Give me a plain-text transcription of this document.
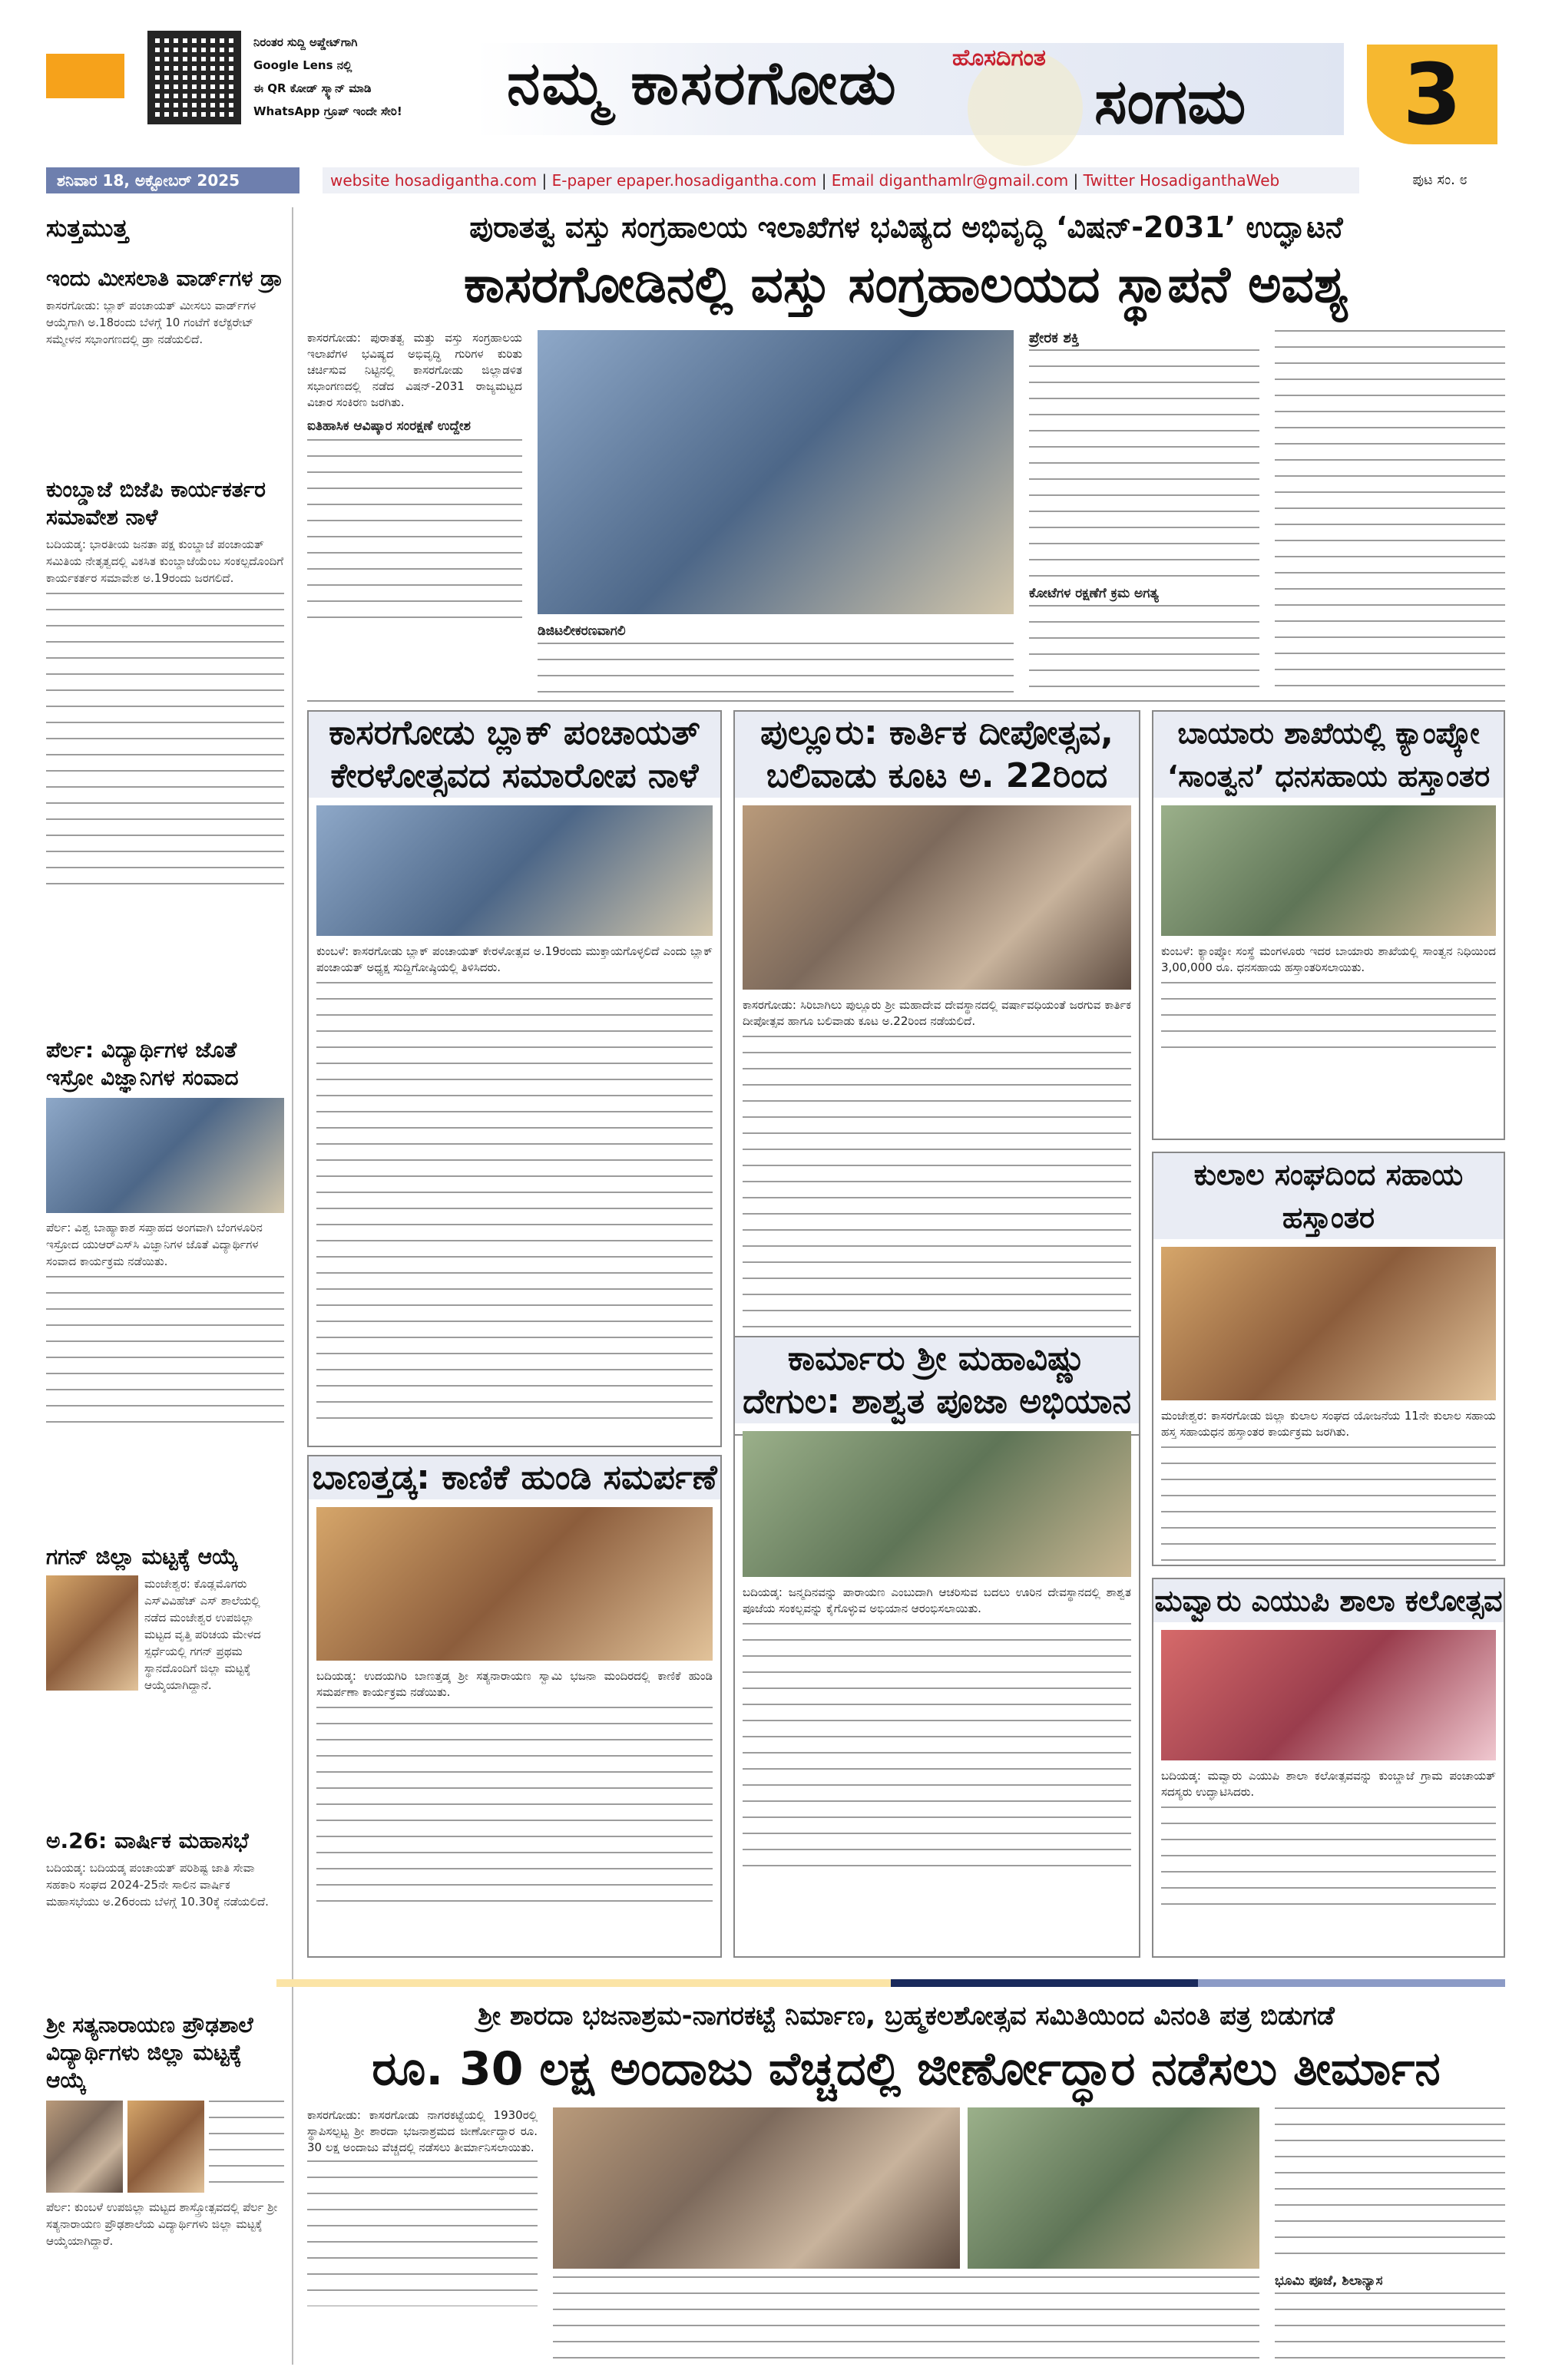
ನಿರಂತರ ಸುದ್ದಿ ಅಪ್ಡೇಟ್‌ಗಾಗಿ
Google Lens ನಲ್ಲಿ
ಈ QR ಕೋಡ್ ಸ್ಕ್ಯಾನ್ ಮಾಡಿ
WhatsApp ಗ್ರೂಪ್ ಇಂದೇ ಸೇರಿ!	ನಮ್ಮ ಕಾಸರಗೋಡು ಹೊಸದಿಗಂತ
ಸಂಗಮ	3
ಶನಿವಾರ 18, ಅಕ್ಟೋಬರ್ 2025	website hosadigantha.com | E-paper epaper.hosadigantha.com | Email diganthamlr@gmail.com | Twitter HosadiganthaWeb	ಪುಟ ಸಂ. ೮
ಸುತ್ತಮುತ್ತ
ಇಂದು ಮೀಸಲಾತಿ ವಾರ್ಡ್‌ಗಳ ಡ್ರಾ
ಕಾಸರಗೋಡು: ಬ್ಲಾಕ್ ಪಂಚಾಯತ್ ಮೀಸಲು ವಾರ್ಡ್‌ಗಳ ಆಯ್ಕೆಗಾಗಿ ಅ.18ರಂದು ಬೆಳಗ್ಗೆ 10 ಗಂಟೆಗೆ ಕಲೆಕ್ಟರೇಟ್ ಸಮ್ಮೇಳನ ಸಭಾಂಗಣದಲ್ಲಿ ಡ್ರಾ ನಡೆಯಲಿದೆ.
ಕುಂಬ್ಡಾಜೆ ಬಿಜೆಪಿ ಕಾರ್ಯಕರ್ತರ ಸಮಾವೇಶ ನಾಳೆ
ಬದಿಯಡ್ಕ: ಭಾರತೀಯ ಜನತಾ ಪಕ್ಷ ಕುಂಬ್ಡಾಜೆ ಪಂಚಾಯತ್ ಸಮಿತಿಯ ನೇತೃತ್ವದಲ್ಲಿ ವಿಕಸಿತ ಕುಂಬ್ಡಾಜೆಯೆಂಬ ಸಂಕಲ್ಪದೊಂದಿಗೆ ಕಾರ್ಯಕರ್ತರ ಸಮಾವೇಶ ಅ.19ರಂದು ಜರಗಲಿದೆ.
ಪೆರ್ಲ: ವಿದ್ಯಾರ್ಥಿಗಳ ಜೊತೆ ಇಸ್ರೋ ವಿಜ್ಞಾನಿಗಳ ಸಂವಾದ
ಪೆರ್ಲ: ವಿಶ್ವ ಬಾಹ್ಯಾಕಾಶ ಸಪ್ತಾಹದ ಅಂಗವಾಗಿ ಬೆಂಗಳೂರಿನ ಇಸ್ರೋದ ಯುಆರ್‌ಎಸ್‌ಸಿ ವಿಜ್ಞಾನಿಗಳ ಜೊತೆ ವಿದ್ಯಾರ್ಥಿಗಳ ಸಂವಾದ ಕಾರ್ಯಕ್ರಮ ನಡೆಯಿತು.
ಗಗನ್ ಜಿಲ್ಲಾ ಮಟ್ಟಕ್ಕೆ ಆಯ್ಕೆ
ಮಂಜೇಶ್ವರ: ಕೊಡ್ಲಮೊಗರು ಎಸ್‌ವಿವಿಹೆಚ್ ಎಸ್ ಶಾಲೆಯಲ್ಲಿ ನಡೆದ ಮಂಜೇಶ್ವರ ಉಪಜಿಲ್ಲಾ ಮಟ್ಟದ ವೃತ್ತಿ ಪರಿಚಯ ಮೇಳದ ಸ್ಪರ್ಧೆಯಲ್ಲಿ ಗಗನ್ ಪ್ರಥಮ ಸ್ಥಾನದೊಂದಿಗೆ ಜಿಲ್ಲಾ ಮಟ್ಟಕ್ಕೆ ಆಯ್ಕೆಯಾಗಿದ್ದಾನೆ.
ಅ.26: ವಾರ್ಷಿಕ ಮಹಾಸಭೆ
ಬದಿಯಡ್ಕ: ಬದಿಯಡ್ಕ ಪಂಚಾಯತ್ ಪರಿಶಿಷ್ಟ ಜಾತಿ ಸೇವಾ ಸಹಕಾರಿ ಸಂಘದ 2024-25ನೇ ಸಾಲಿನ ವಾರ್ಷಿಕ ಮಹಾಸಭೆಯು ಅ.26ರಂದು ಬೆಳಗ್ಗೆ 10.30ಕ್ಕೆ ನಡೆಯಲಿದೆ.
ಶ್ರೀ ಸತ್ಯನಾರಾಯಣ ಪ್ರೌಢಶಾಲೆ ವಿದ್ಯಾರ್ಥಿಗಳು ಜಿಲ್ಲಾ ಮಟ್ಟಕ್ಕೆ ಆಯ್ಕೆ
ಪೆರ್ಲ: ಕುಂಬಳೆ ಉಪಜಿಲ್ಲಾ ಮಟ್ಟದ ಶಾಸ್ತ್ರೋತ್ಸವದಲ್ಲಿ ಪೆರ್ಲ ಶ್ರೀ ಸತ್ಯನಾರಾಯಣ ಪ್ರೌಢಶಾಲೆಯ ವಿದ್ಯಾರ್ಥಿಗಳು ಜಿಲ್ಲಾ ಮಟ್ಟಕ್ಕೆ ಆಯ್ಕೆಯಾಗಿದ್ದಾರೆ.
ಪುರಾತತ್ವ ವಸ್ತು ಸಂಗ್ರಹಾಲಯ ಇಲಾಖೆಗಳ ಭವಿಷ್ಯದ ಅಭಿವೃದ್ಧಿ ‘ವಿಷನ್-2031’ ಉದ್ಘಾಟನೆ
ಕಾಸರಗೋಡಿನಲ್ಲಿ ವಸ್ತು ಸಂಗ್ರಹಾಲಯದ ಸ್ಥಾಪನೆ ಅವಶ್ಯ
ಕಾಸರಗೋಡು: ಪುರಾತತ್ವ ಮತ್ತು ವಸ್ತು ಸಂಗ್ರಹಾಲಯ ಇಲಾಖೆಗಳ ಭವಿಷ್ಯದ ಅಭಿವೃದ್ಧಿ ಗುರಿಗಳ ಕುರಿತು ಚರ್ಚಿಸುವ ನಿಟ್ಟಿನಲ್ಲಿ ಕಾಸರಗೋಡು ಜಿಲ್ಲಾಡಳಿತ ಸಭಾಂಗಣದಲ್ಲಿ ನಡೆದ ವಿಷನ್-2031 ರಾಜ್ಯಮಟ್ಟದ ವಿಚಾರ ಸಂಕಿರಣ ಜರಗಿತು.
ಐತಿಹಾಸಿಕ ಆವಿಷ್ಕಾರ ಸಂರಕ್ಷಣೆ ಉದ್ದೇಶ
ಡಿಜಿಟಲೀಕರಣವಾಗಲಿ
ಪ್ರೇರಕ ಶಕ್ತಿ
ಕೋಟೆಗಳ ರಕ್ಷಣೆಗೆ ಕ್ರಮ ಅಗತ್ಯ
ಕಾಸರಗೋಡು ಬ್ಲಾಕ್ ಪಂಚಾಯತ್ ಕೇರಳೋತ್ಸವದ ಸಮಾರೋಪ ನಾಳೆ
ಕುಂಬಳೆ: ಕಾಸರಗೋಡು ಬ್ಲಾಕ್ ಪಂಚಾಯತ್ ಕೇರಳೋತ್ಸವ ಅ.19ರಂದು ಮುಕ್ತಾಯಗೊಳ್ಳಲಿದೆ ಎಂದು ಬ್ಲಾಕ್ ಪಂಚಾಯತ್ ಅಧ್ಯಕ್ಷ ಸುದ್ದಿಗೋಷ್ಠಿಯಲ್ಲಿ ತಿಳಿಸಿದರು.
ಪುಲ್ಲೂರು: ಕಾರ್ತಿಕ ದೀಪೋತ್ಸವ, ಬಲಿವಾಡು ಕೂಟ ಅ. 22ರಿಂದ
ಕಾಸರಗೋಡು: ಸಿರಿಬಾಗಿಲು ಪುಲ್ಲೂರು ಶ್ರೀ ಮಹಾದೇವ ದೇವಸ್ಥಾನದಲ್ಲಿ ವರ್ಷಾವಧಿಯಂತೆ ಜರಗುವ ಕಾರ್ತಿಕ ದೀಪೋತ್ಸವ ಹಾಗೂ ಬಲಿವಾಡು ಕೂಟ ಅ.22ರಿಂದ ನಡೆಯಲಿದೆ.
ಬಾಯಾರು ಶಾಖೆಯಲ್ಲಿ ಕ್ಯಾಂಪ್ಕೋ ‘ಸಾಂತ್ವನ’ ಧನಸಹಾಯ ಹಸ್ತಾಂತರ
ಕುಂಬಳೆ: ಕ್ಯಾಂಪ್ಕೋ ಸಂಸ್ಥೆ ಮಂಗಳೂರು ಇದರ ಬಾಯಾರು ಶಾಖೆಯಲ್ಲಿ ಸಾಂತ್ವನ ನಿಧಿಯಿಂದ 3,00,000 ರೂ. ಧನಸಹಾಯ ಹಸ್ತಾಂತರಿಸಲಾಯಿತು.
ಕುಲಾಲ ಸಂಘದಿಂದ ಸಹಾಯ ಹಸ್ತಾಂತರ
ಮಂಜೇಶ್ವರ: ಕಾಸರಗೋಡು ಜಿಲ್ಲಾ ಕುಲಾಲ ಸಂಘದ ಯೋಜನೆಯ 11ನೇ ಕುಲಾಲ ಸಹಾಯ ಹಸ್ತ ಸಹಾಯಧನ ಹಸ್ತಾಂತರ ಕಾರ್ಯಕ್ರಮ ಜರಗಿತು.
ಕಾರ್ಮಾರು ಶ್ರೀ ಮಹಾವಿಷ್ಣು ದೇಗುಲ: ಶಾಶ್ವತ ಪೂಜಾ ಅಭಿಯಾನ
ಬದಿಯಡ್ಕ: ಜನ್ಮದಿನವನ್ನು ಪಾರಾಯಣ ಎಂಬುದಾಗಿ ಆಚರಿಸುವ ಬದಲು ಊರಿನ ದೇವಸ್ಥಾನದಲ್ಲಿ ಶಾಶ್ವತ ಪೂಜೆಯ ಸಂಕಲ್ಪವನ್ನು ಕೈಗೊಳ್ಳುವ ಅಭಿಯಾನ ಆರಂಭಿಸಲಾಯಿತು.
ಬಾಣತ್ತಡ್ಕ: ಕಾಣಿಕೆ ಹುಂಡಿ ಸಮರ್ಪಣೆ
ಬದಿಯಡ್ಕ: ಉದಯಗಿರಿ ಬಾಣತ್ತಡ್ಕ ಶ್ರೀ ಸತ್ಯನಾರಾಯಣ ಸ್ವಾಮಿ ಭಜನಾ ಮಂದಿರದಲ್ಲಿ ಕಾಣಿಕೆ ಹುಂಡಿ ಸಮರ್ಪಣಾ ಕಾರ್ಯಕ್ರಮ ನಡೆಯಿತು.
ಮವ್ವಾರು ಎಯುಪಿ ಶಾಲಾ ಕಲೋತ್ಸವ
ಬದಿಯಡ್ಕ: ಮವ್ವಾರು ಎಯುಪಿ ಶಾಲಾ ಕಲೋತ್ಸವವನ್ನು ಕುಂಬ್ಡಾಜೆ ಗ್ರಾಮ ಪಂಚಾಯತ್ ಸದಸ್ಯರು ಉದ್ಘಾಟಿಸಿದರು.
ಶ್ರೀ ಶಾರದಾ ಭಜನಾಶ್ರಮ-ನಾಗರಕಟ್ಟೆ ನಿರ್ಮಾಣ, ಬ್ರಹ್ಮಕಲಶೋತ್ಸವ ಸಮಿತಿಯಿಂದ ವಿನಂತಿ ಪತ್ರ ಬಿಡುಗಡೆ
ರೂ. 30 ಲಕ್ಷ ಅಂದಾಜು ವೆಚ್ಚದಲ್ಲಿ ಜೀರ್ಣೋದ್ಧಾರ ನಡೆಸಲು ತೀರ್ಮಾನ
ಕಾಸರಗೋಡು: ಕಾಸರಗೋಡು ನಾಗರಕಟ್ಟೆಯಲ್ಲಿ 1930ರಲ್ಲಿ ಸ್ಥಾಪಿಸಲ್ಪಟ್ಟ ಶ್ರೀ ಶಾರದಾ ಭಜನಾಶ್ರಮದ ಜೀರ್ಣೋದ್ಧಾರ ರೂ. 30 ಲಕ್ಷ ಅಂದಾಜು ವೆಚ್ಚದಲ್ಲಿ ನಡೆಸಲು ತೀರ್ಮಾನಿಸಲಾಯಿತು.
ಭೂಮಿ ಪೂಜೆ, ಶಿಲಾನ್ಯಾಸ
